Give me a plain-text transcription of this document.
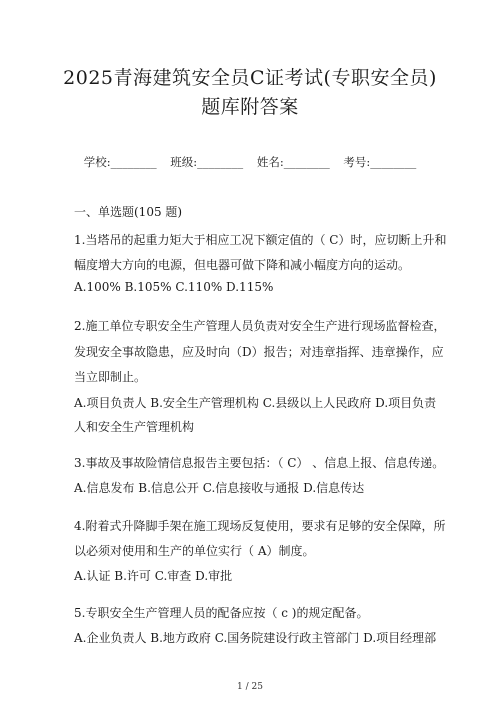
2025青海建筑安全员C证考试(专职安全员)
题库附答案
学校:________ 班级:________ 姓名:________ 考号:________
一、单选题(105 题)
1.当塔吊的起重力矩大于相应工况下额定值的（ C）时，应切断上升和
幅度增大方向的电源，但电器可做下降和减小幅度方向的运动。
A.100% B.105% C.110% D.115%
2.施工单位专职安全生产管理人员负责对安全生产进行现场监督检查，
发现安全事故隐患，应及时向（D）报告；对违章指挥、违章操作，应
当立即制止。
A.项目负责人 B.安全生产管理机构 C.县级以上人民政府 D.项目负责
人和安全生产管理机构
3.事故及事故险情信息报告主要包括：（ C） 、信息上报、信息传递。
A.信息发布 B.信息公开 C.信息接收与通报 D.信息传达
4.附着式升降脚手架在施工现场反复使用，要求有足够的安全保障，所
以必须对使用和生产的单位实行（ A）制度。
A.认证 B.许可 C.审查 D.审批
5.专职安全生产管理人员的配备应按（ c )的规定配备。
A.企业负责人 B.地方政府 C.国务院建设行政主管部门 D.项目经理部
1 / 25
